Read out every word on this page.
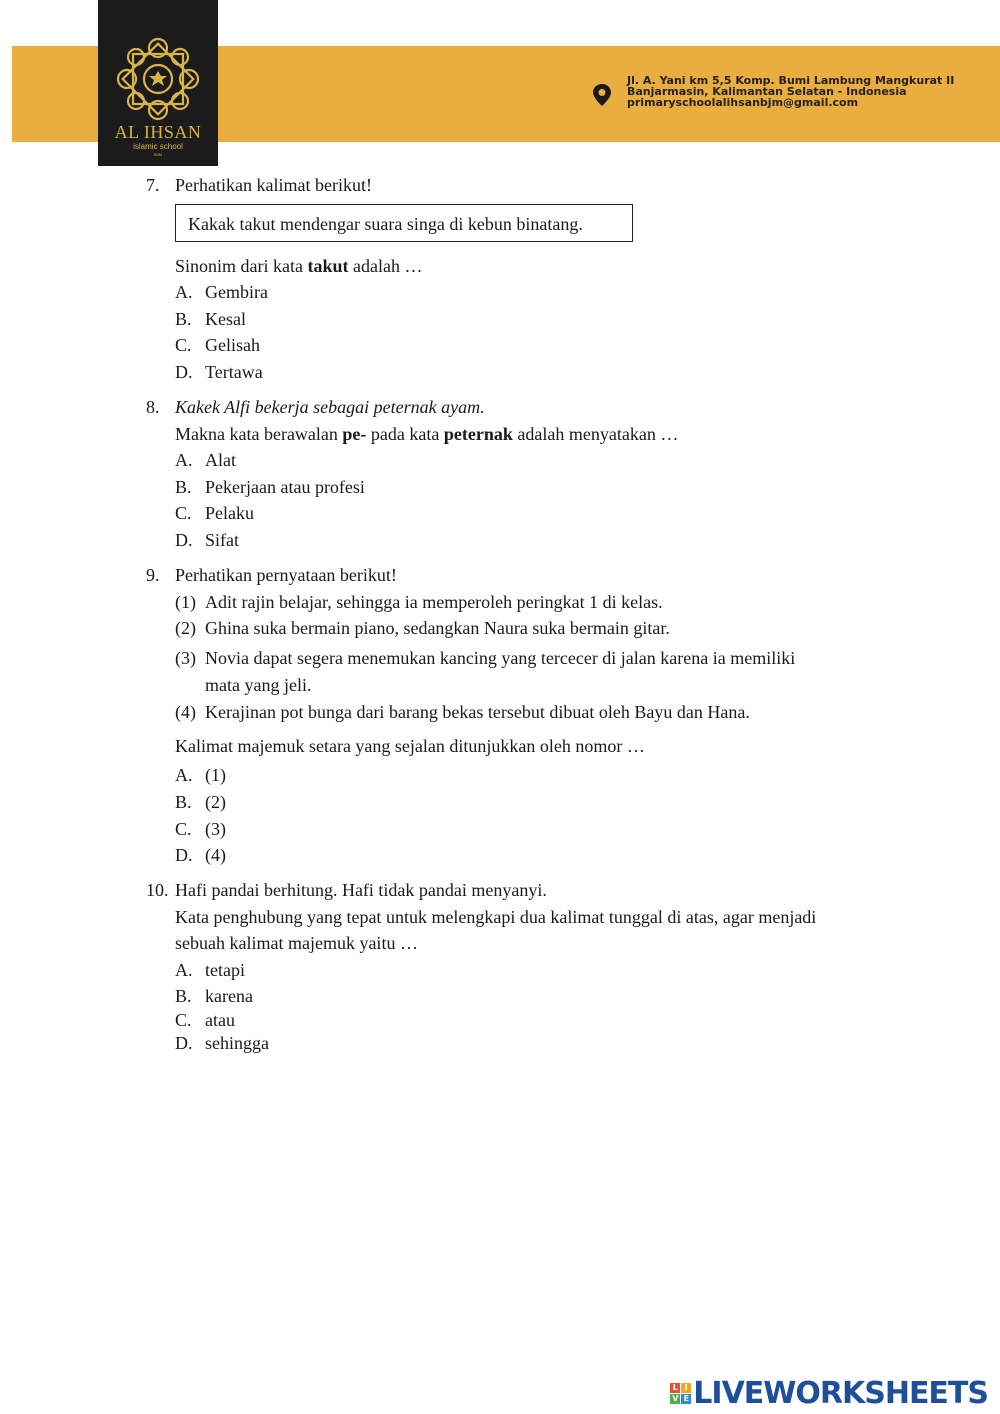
AL IHSAN
islamic school
BJM
Jl. A. Yani km 5,5 Komp. Bumi Lambung Mangkurat II
Banjarmasin, Kalimantan Selatan - Indonesia
primaryschoolalihsanbjm@gmail.com
7. Perhatikan kalimat berikut!
Kakak takut mendengar suara singa di kebun binatang.
Sinonim dari kata takut adalah …
A. Gembira
B. Kesal
C. Gelisah
D. Tertawa
8. Kakek Alfi bekerja sebagai peternak ayam.
Makna kata berawalan pe- pada kata peternak adalah menyatakan …
A. Alat
B. Pekerjaan atau profesi
C. Pelaku
D. Sifat
9. Perhatikan pernyataan berikut!
(1) Adit rajin belajar, sehingga ia memperoleh peringkat 1 di kelas.
(2) Ghina suka bermain piano, sedangkan Naura suka bermain gitar.
(3) Novia dapat segera menemukan kancing yang tercecer di jalan karena ia memiliki
mata yang jeli.
(4) Kerajinan pot bunga dari barang bekas tersebut dibuat oleh Bayu dan Hana.
Kalimat majemuk setara yang sejalan ditunjukkan oleh nomor …
A. (1)
B. (2)
C. (3)
D. (4)
10. Hafi pandai berhitung. Hafi tidak pandai menyanyi.
Kata penghubung yang tepat untuk melengkapi dua kalimat tunggal di atas, agar menjadi
sebuah kalimat majemuk yaitu …
A. tetapi
B. karena
C. atau
D. sehingga
L I
V E LIVEWORKSHEETS
